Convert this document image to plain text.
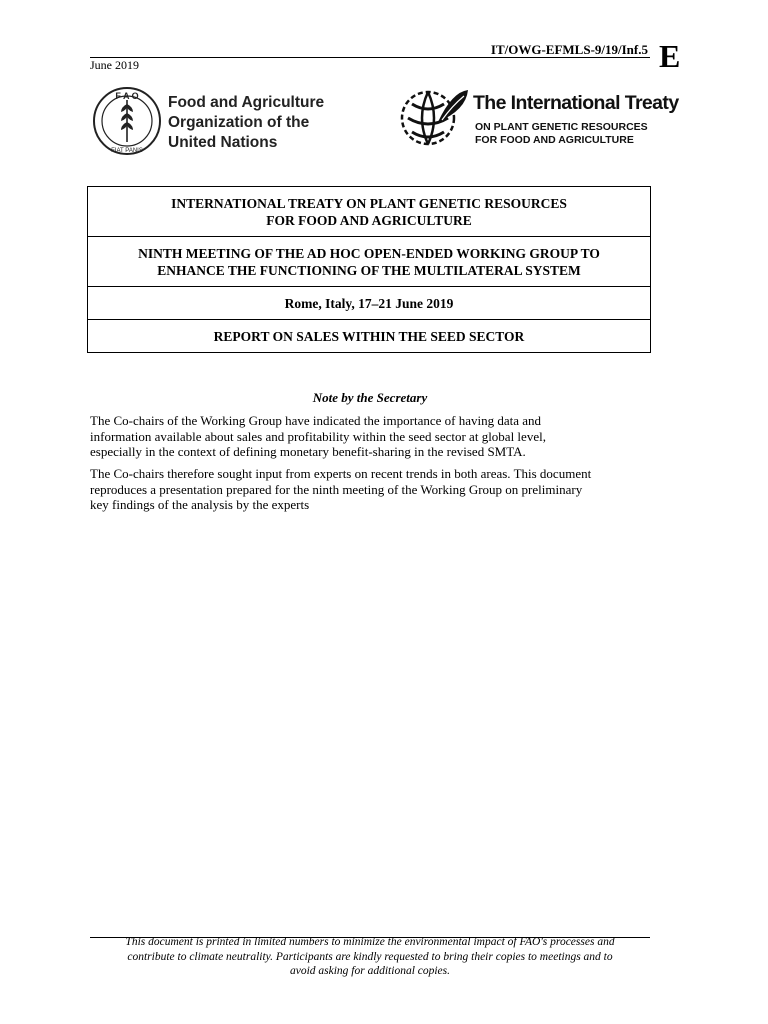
IT/OWG-EFMLS-9/19/Inf.5 E
June 2019
F A O
FIAT PANIS
Food and Agriculture
Organization of the
United Nations
The International Treaty
ON PLANT GENETIC RESOURCES
FOR FOOD AND AGRICULTURE
INTERNATIONAL TREATY ON PLANT GENETIC RESOURCES
FOR FOOD AND AGRICULTURE
NINTH MEETING OF THE AD HOC OPEN-ENDED WORKING GROUP TO
ENHANCE THE FUNCTIONING OF THE MULTILATERAL SYSTEM
Rome, Italy, 17–21 June 2019
REPORT ON SALES WITHIN THE SEED SECTOR
Note by the Secretary
The Co-chairs of the Working Group have indicated the importance of having data and
information available about sales and profitability within the seed sector at global level,
especially in the context of defining monetary benefit-sharing in the revised SMTA.
The Co-chairs therefore sought input from experts on recent trends in both areas. This document
reproduces a presentation prepared for the ninth meeting of the Working Group on preliminary
key findings of the analysis by the experts
This document is printed in limited numbers to minimize the environmental impact of FAO's processes and
contribute to climate neutrality. Participants are kindly requested to bring their copies to meetings and to
avoid asking for additional copies.
